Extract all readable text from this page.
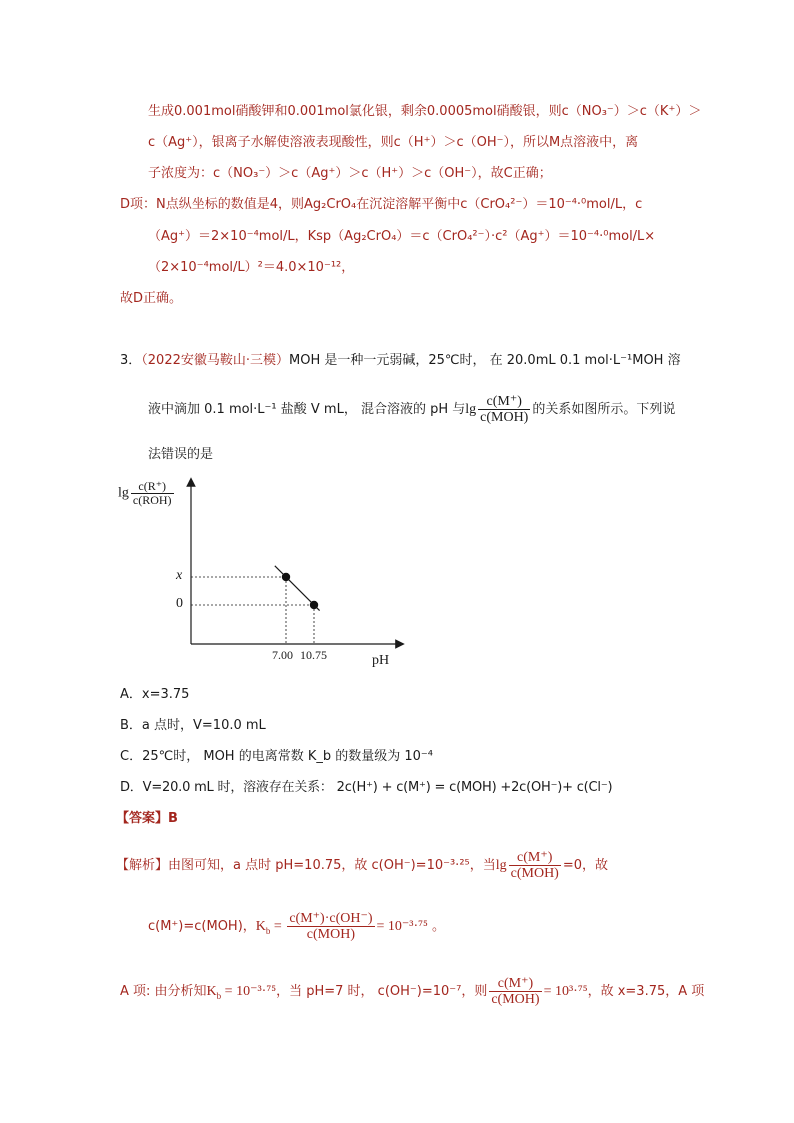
生成0.001mol硝酸钾和0.001mol氯化银，剩余0.0005mol硝酸银，则c（NO₃⁻）＞c（K⁺）＞
c（Ag⁺），银离子水解使溶液表现酸性，则c（H⁺）＞c（OH⁻），所以M点溶液中，离
子浓度为：c（NO₃⁻）＞c（Ag⁺）＞c（H⁺）＞c（OH⁻），故C正确；
D项：N点纵坐标的数值是4，则Ag₂CrO₄在沉淀溶解平衡中c（CrO₄²⁻）＝10⁻⁴·⁰mol/L，c
（Ag⁺）＝2×10⁻⁴mol/L，Ksp（Ag₂CrO₄）＝c（CrO₄²⁻）·c²（Ag⁺）＝10⁻⁴·⁰mol/L×
（2×10⁻⁴mol/L）²＝4.0×10⁻¹²，
故D正确。
3．（2022安徽马鞍山·三模）MOH 是一种一元弱碱，25℃时， 在 20.0mL 0.1 mol·L⁻¹MOH 溶
液中滴加 0.1 mol·L⁻¹ 盐酸 V mL， 混合溶液的 pH 与$\lg \frac{c(M^+)}{\text{c(MOH)}}$ 的关系如图所示。下列说
法错误的是
$\lg \frac{c(R^+)}{\text{c(ROH)}}$
7.00
x
10.75
0
pH
A．x=3.75
B．a 点时，V=10.0 mL
C．25℃时， MOH 的电离常数 K_b 的数量级为 10⁻⁴
D．V=20.0 mL 时，溶液存在关系： 2c(H⁺) + c(M⁺) = c(MOH) +2c(OH⁻)+ c(Cl⁻)
【答案】B
【解析】由图可知，a 点时 pH=10.75，故 c(OH⁻)=10⁻³·²⁵，当$\lg \frac{c(M^+)}{\text{c(MOH)}} =0$，故
c(M⁺)=c(MOH)，$K_b = \frac{c(M^+)\cdot c(OH^-)}{\text{c(MOH)}} = 10^{-3}\cdot^{75}$ 。
A 项: 由分析知$K_b = 10^{-3}\cdot^{75}$，当 pH=7 时， c(OH⁻)=10⁻⁷，则 $\frac{c(M^+)}{\text{c(MOH)}} = 10^3\cdot^{75}$，故 x=3.75，A 项
